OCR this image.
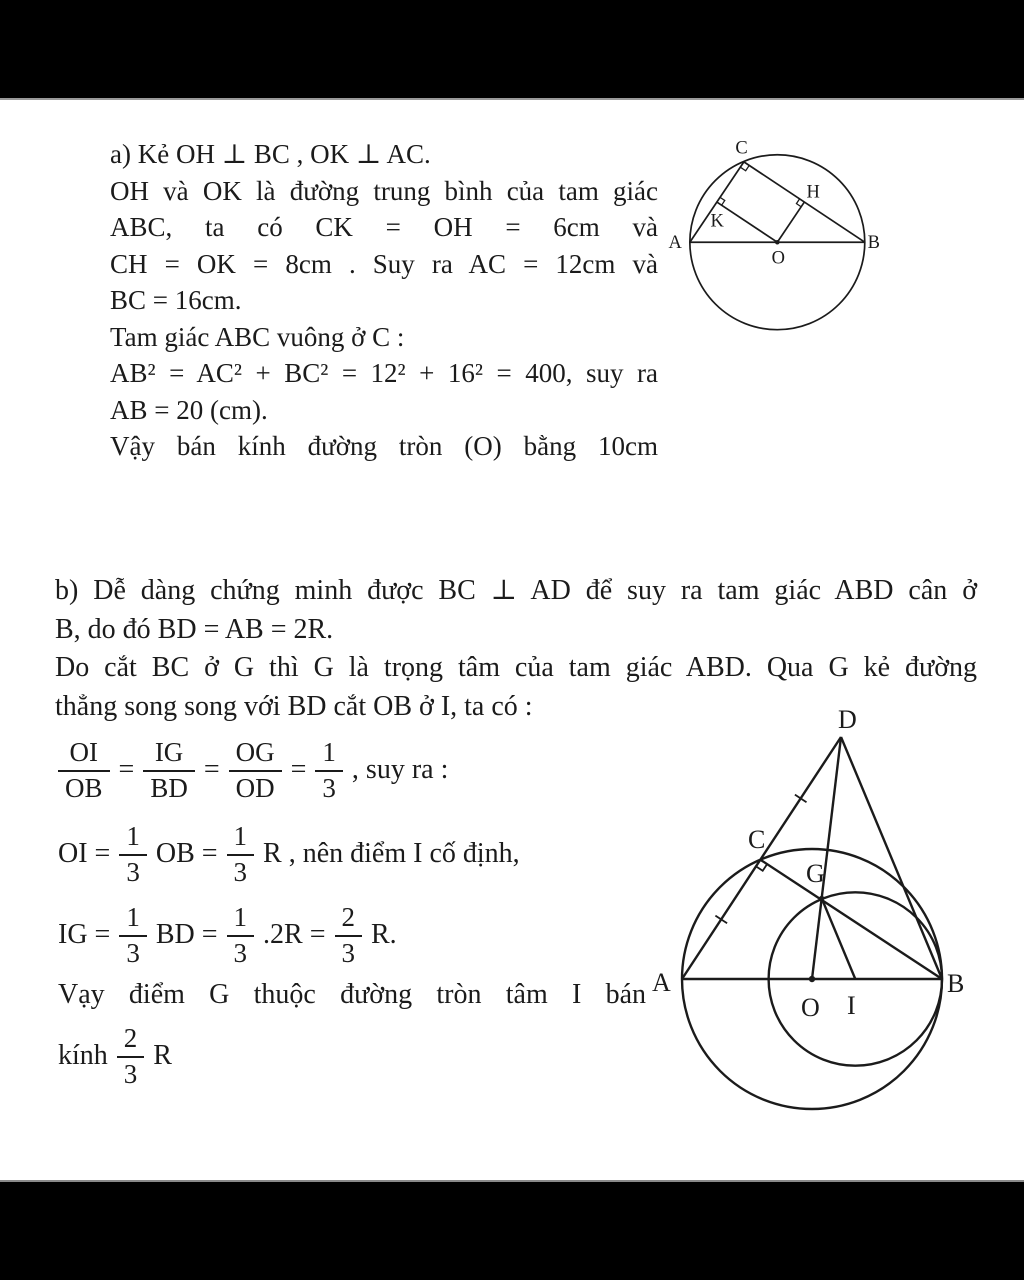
a) Kẻ OH ⊥ BC , OK ⊥ AC.
OH và OK là đường trung bình của tam giác
ABC, ta có CK = OH = 6cm và
CH = OK = 8cm . Suy ra AC = 12cm và
BC = 16cm.
Tam giác ABC vuông ở C :
AB² = AC² + BC² = 12² + 16² = 400, suy ra
AB = 20 (cm).
Vậy bán kính đường tròn (O) bằng 10cm
A	B
C
O
K
H
b) Dễ dàng chứng minh được BC ⊥ AD để suy ra tam giác ABD cân ở
B, do đó BD = AB = 2R.
Do cắt BC ở G thì G là trọng tâm của tam giác ABD. Qua G kẻ đường
thẳng song song với BD cắt OB ở I, ta có :
$\frac{OI}{OB} = \frac{IG}{BD} = \frac{OG}{OD} = \frac{1}{3}$ , suy ra :
OI = $\frac{1}{3}$ OB = $\frac{1}{3}$ R , nên điểm I cố định,
IG = $\frac{1}{3}$ BD = $\frac{1}{3} .2R = \frac{2}{3} R$.
Vạy điểm G thuộc đường tròn tâm I bán
kính $\frac{2}{3}$ R
D
C
G
A	B
O I
